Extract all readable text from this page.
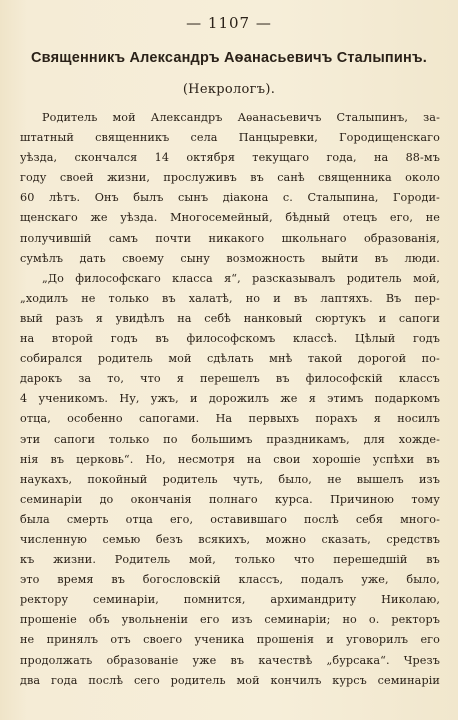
— 1107 —
Священникъ Александръ Аѳанасьевичъ Сталыпинъ.
(Некрологъ).
Родитель мой Александръ Аѳанасьевичъ Сталыпинъ, за-
штатный священникъ села Панцыревки, Городищенскаго
уѣзда, скончался 14 октября текущаго года, на 88-мъ
году своей жизни, прослуживъ въ санѣ священника около
60 лѣтъ. Онъ былъ сынъ діакона с. Сталыпина, Городи-
щенскаго же уѣзда. Многосемейный, бѣдный отецъ его, не
получившій самъ почти никакого школьнаго образованія,
сумѣлъ дать своему сыну возможность выйти въ люди.
„До философскаго класса я“, разсказывалъ родитель мой,
„ходилъ не только въ халатѣ, но и въ лаптяхъ. Въ пер-
вый разъ я увидѣлъ на себѣ нанковый сюртукъ и сапоги
на второй годъ въ философскомъ классѣ. Цѣлый годъ
собирался родитель мой сдѣлать мнѣ такой дорогой по-
дарокъ за то, что я перешелъ въ философскій классъ
4 ученикомъ. Ну, ужъ, и дорожилъ же я этимъ подаркомъ
отца, особенно сапогами. На первыхъ порахъ я носилъ
эти сапоги только по большимъ праздникамъ, для хожде-
нія въ церковь“. Но, несмотря на свои хорошіе успѣхи въ
наукахъ, покойный родитель чуть, было, не вышелъ изъ
семинаріи до окончанія полнаго курса. Причиною тому
была смерть отца его, оставившаго послѣ себя много-
численную семью безъ всякихъ, можно сказать, средствъ
къ жизни. Родитель мой, только что перешедшій въ
это время въ богословскій классъ, подалъ уже, было,
ректору семинаріи, помнится, архимандриту Николаю,
прошеніе объ увольненіи его изъ семинаріи; но о. ректоръ
не принялъ отъ своего ученика прошенія и уговорилъ его
продолжать образованіе уже въ качествѣ „бурсака“. Чрезъ
два года послѣ сего родитель мой кончилъ курсъ семинаріи
